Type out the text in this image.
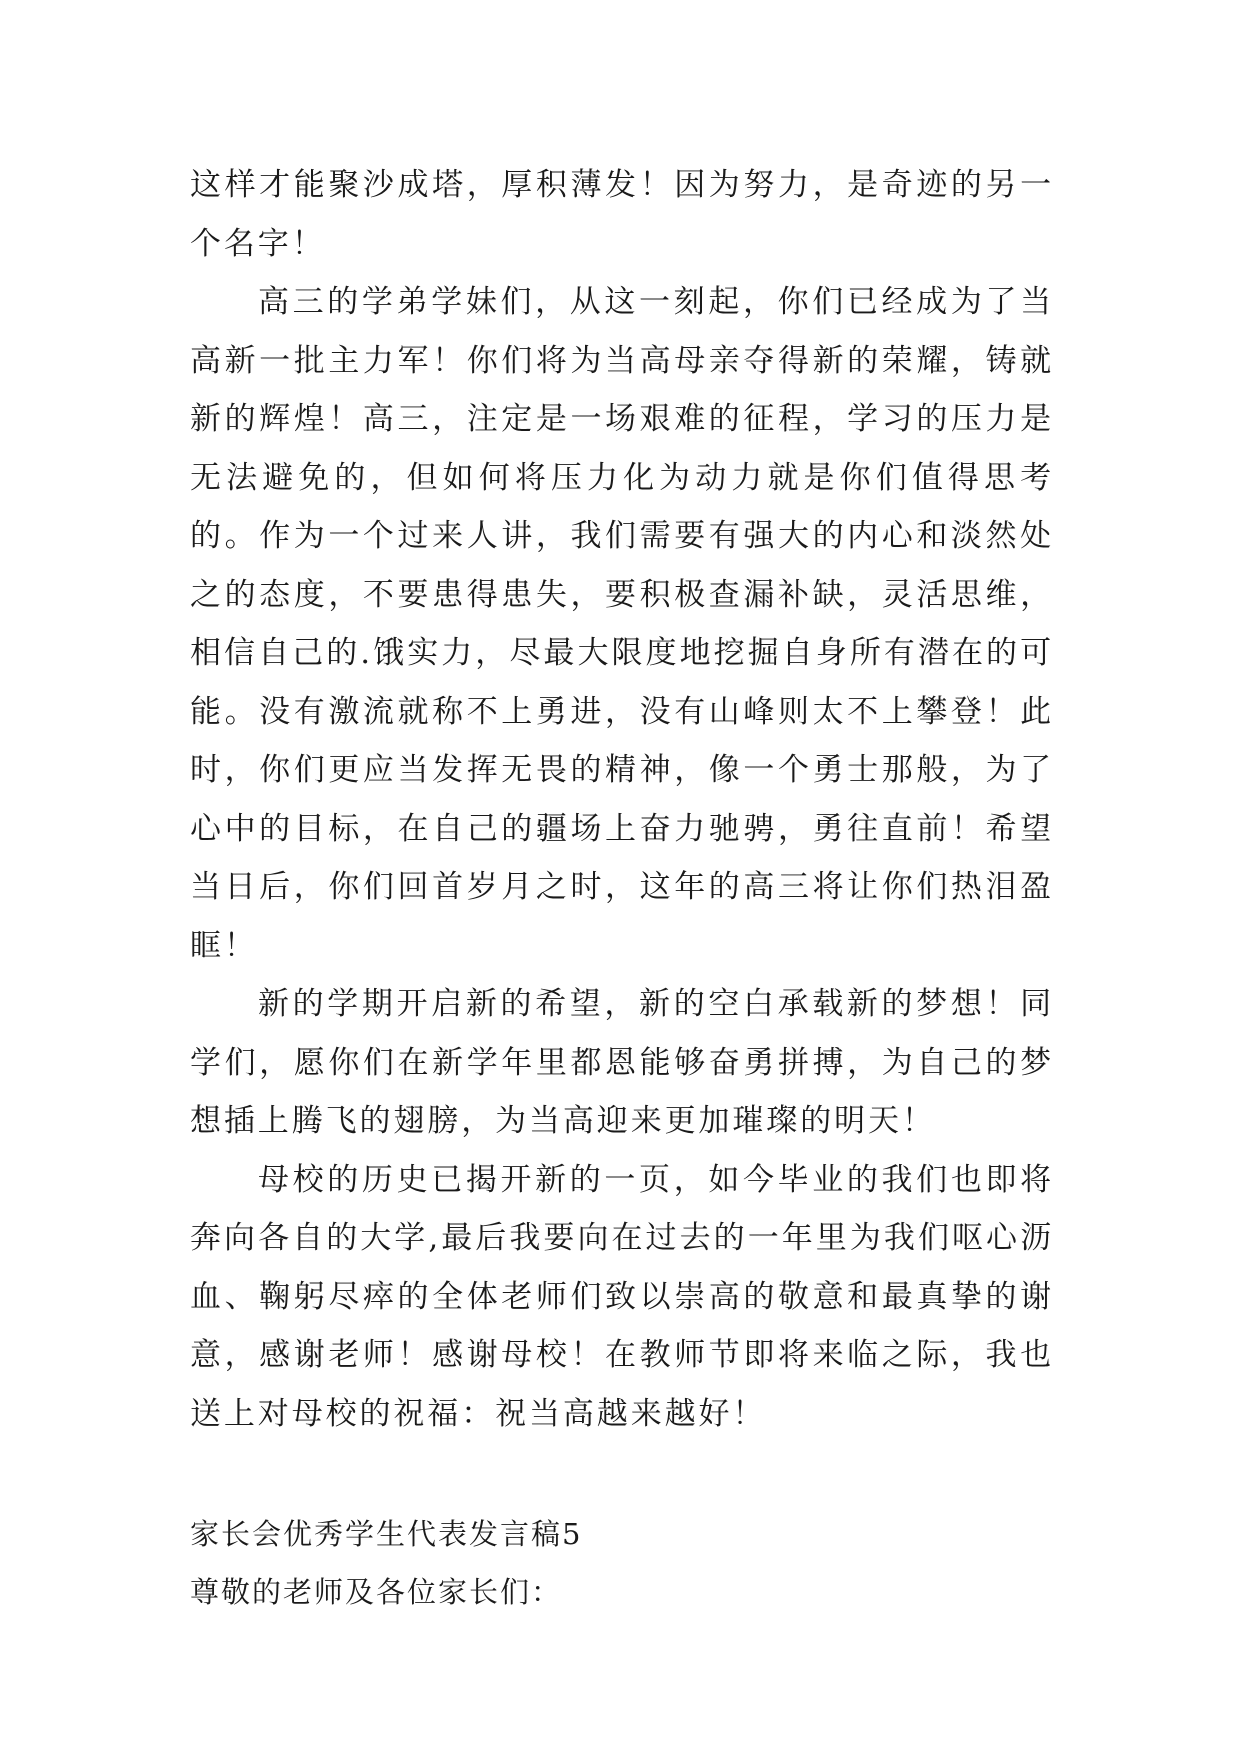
这样才能聚沙成塔，厚积薄发！因为努力，是奇迹的另一个名字！

高三的学弟学妹们，从这一刻起，你们已经成为了当高新一批主力军！你们将为当高母亲夺得新的荣耀，铸就新的辉煌！高三，注定是一场艰难的征程，学习的压力是无法避免的，但如何将压力化为动力就是你们值得思考的。作为一个过来人讲，我们需要有强大的内心和淡然处之的态度，不要患得患失，要积极查漏补缺，灵活思维，相信自己的.饿实力，尽最大限度地挖掘自身所有潜在的可能。没有激流就称不上勇进，没有山峰则太不上攀登！此时，你们更应当发挥无畏的精神，像一个勇士那般，为了心中的目标，在自己的疆场上奋力驰骋，勇往直前！希望当日后，你们回首岁月之时，这年的高三将让你们热泪盈眶！

新的学期开启新的希望，新的空白承载新的梦想！同学们，愿你们在新学年里都恩能够奋勇拼搏，为自己的梦想插上腾飞的翅膀，为当高迎来更加璀璨的明天！

母校的历史已揭开新的一页，如今毕业的我们也即将奔向各自的大学,最后我要向在过去的一年里为我们呕心沥血、鞠躬尽瘁的全体老师们致以崇高的敬意和最真挚的谢意，感谢老师！感谢母校！在教师节即将来临之际，我也送上对母校的祝福：祝当高越来越好！

家长会优秀学生代表发言稿5

尊敬的老师及各位家长们：
